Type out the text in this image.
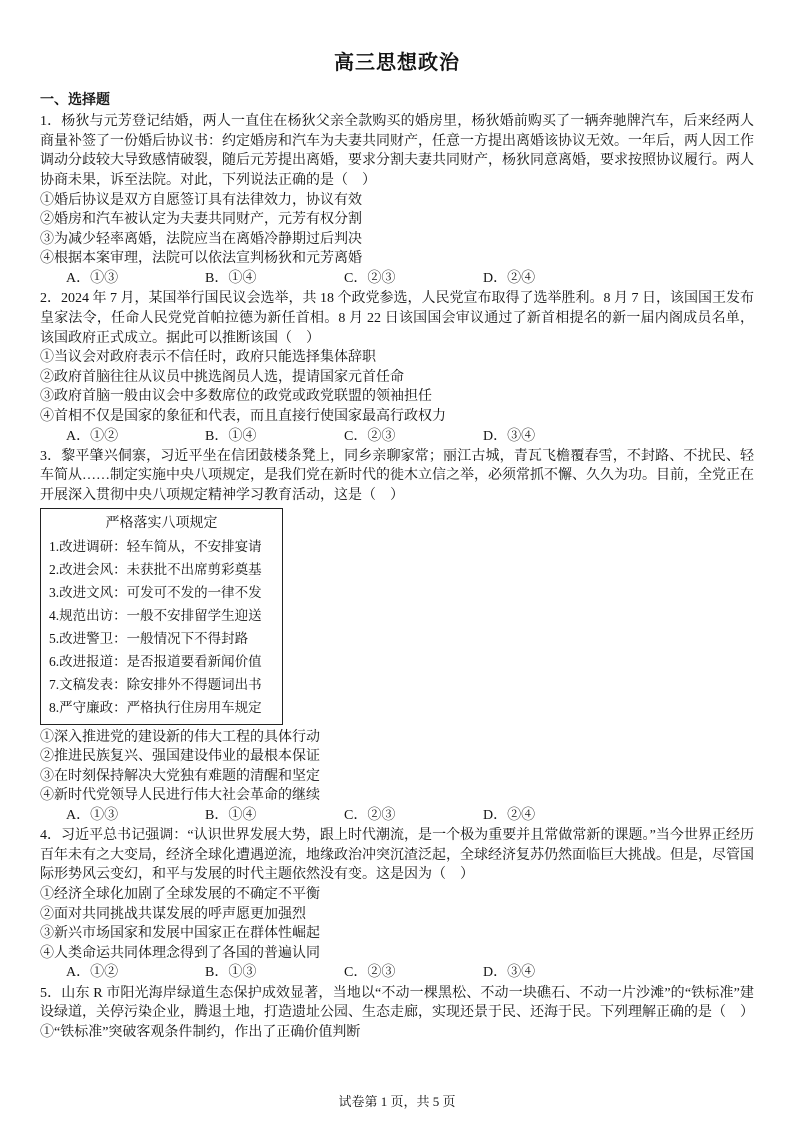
高三思想政治
一、选择题

1．杨狄与元芳登记结婚，两人一直住在杨狄父亲全款购买的婚房里，杨狄婚前购买了一辆奔驰牌汽车，后来经两人商量补签了一份婚后协议书：约定婚房和汽车为夫妻共同财产，任意一方提出离婚该协议无效。一年后，两人因工作调动分歧较大导致感情破裂，随后元芳提出离婚，要求分割夫妻共同财产，杨狄同意离婚，要求按照协议履行。两人协商未果，诉至法院。对此，下列说法正确的是（　）

①婚后协议是双方自愿签订具有法律效力，协议有效
②婚房和汽车被认定为夫妻共同财产，元芳有权分割
③为减少轻率离婚，法院应当在离婚冷静期过后判决
④根据本案审理，法院可以依法宣判杨狄和元芳离婚
A．①③	B．①④	C．②③	D．②④

2．2024 年 7 月，某国举行国民议会选举，共 18 个政党参选，人民党宣布取得了选举胜利。8 月 7 日，该国国王发布皇家法令，任命人民党党首帕拉德为新任首相。8 月 22 日该国国会审议通过了新首相提名的新一届内阁成员名单，该国政府正式成立。据此可以推断该国（　）

①当议会对政府表示不信任时，政府只能选择集体辞职
②政府首脑往往从议员中挑选阁员人选，提请国家元首任命
③政府首脑一般由议会中多数席位的政党或政党联盟的领袖担任
④首相不仅是国家的象征和代表，而且直接行使国家最高行政权力
A．①②	B．①④	C．②③	D．③④

3．黎平肇兴侗寨，习近平坐在信团鼓楼条凳上，同乡亲聊家常；丽江古城，青瓦飞檐覆春雪，不封路、不扰民、轻车简从……制定实施中央八项规定，是我们党在新时代的徙木立信之举，必须常抓不懈、久久为功。目前，全党正在开展深入贯彻中央八项规定精神学习教育活动，这是（　）

严格落实八项规定
1.改进调研：轻车简从，不安排宴请
2.改进会风：未获批不出席剪彩奠基
3.改进文风：可发可不发的一律不发
4.规范出访：一般不安排留学生迎送
5.改进警卫：一般情况下不得封路
6.改进报道：是否报道要看新闻价值
7.文稿发表：除安排外不得题词出书
8.严守廉政：严格执行住房用车规定
①深入推进党的建设新的伟大工程的具体行动
②推进民族复兴、强国建设伟业的最根本保证
③在时刻保持解决大党独有难题的清醒和坚定
④新时代党领导人民进行伟大社会革命的继续
A．①③	B．①④	C．②③	D．②④

4．习近平总书记强调：“认识世界发展大势，跟上时代潮流，是一个极为重要并且常做常新的课题。”当今世界正经历百年未有之大变局，经济全球化遭遇逆流，地缘政治冲突沉渣泛起，全球经济复苏仍然面临巨大挑战。但是，尽管国际形势风云变幻，和平与发展的时代主题依然没有变。这是因为（　）

①经济全球化加剧了全球发展的不确定不平衡
②面对共同挑战共谋发展的呼声愿更加强烈
③新兴市场国家和发展中国家正在群体性崛起
④人类命运共同体理念得到了各国的普遍认同
A．①②	B．①③	C．②③	D．③④

5．山东 R 市阳光海岸绿道生态保护成效显著，当地以“不动一棵黑松、不动一块礁石、不动一片沙滩”的“铁标准”建设绿道，关停污染企业，腾退土地，打造遗址公园、生态走廊，实现还景于民、还海于民。下列理解正确的是（　）

①“铁标准”突破客观条件制约，作出了正确价值判断
试卷第 1 页，共 5 页
